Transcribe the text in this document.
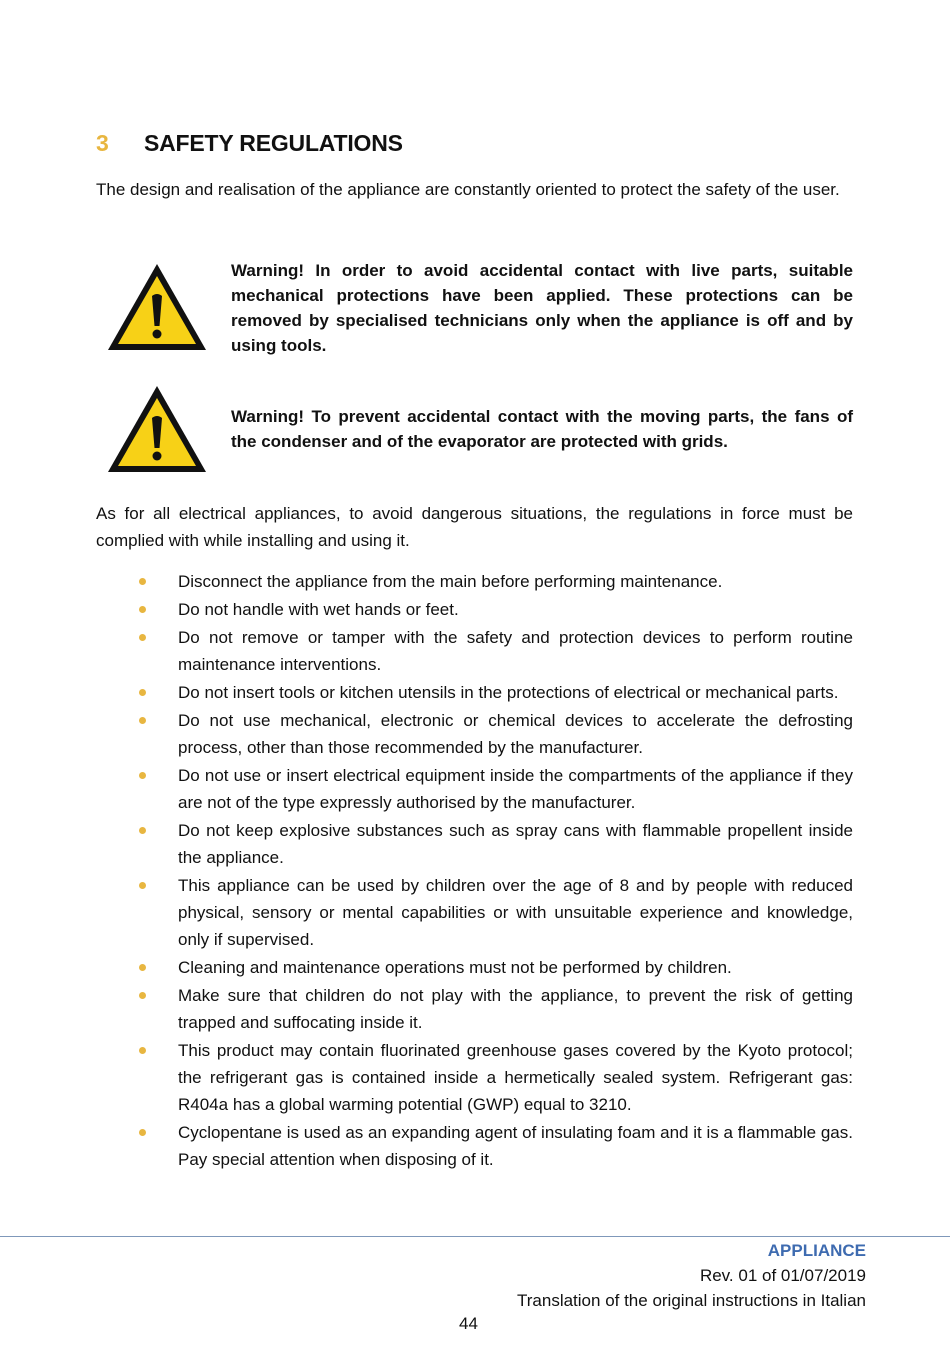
3 SAFETY REGULATIONS
The design and realisation of the appliance are constantly oriented to protect the safety of the user.
Warning! In order to avoid accidental contact with live parts, suitable mechanical protections have been applied. These protections can be removed by specialised technicians only when the appliance is off and by using tools.
Warning! To prevent accidental contact with the moving parts, the fans of the condenser and of the evaporator are protected with grids.
As for all electrical appliances, to avoid dangerous situations, the regulations in force must be complied with while installing and using it.
Disconnect the appliance from the main before performing maintenance.
Do not handle with wet hands or feet.
Do not remove or tamper with the safety and protection devices to perform routine maintenance interventions.
Do not insert tools or kitchen utensils in the protections of electrical or mechanical parts.
Do not use mechanical, electronic or chemical devices to accelerate the defrosting process, other than those recommended by the manufacturer.
Do not use or insert electrical equipment inside the compartments of the appliance if they are not of the type expressly authorised by the manufacturer.
Do not keep explosive substances such as spray cans with flammable propellent inside the appliance.
This appliance can be used by children over the age of 8 and by people with reduced physical, sensory or mental capabilities or with unsuitable experience and knowledge, only if supervised.
Cleaning and maintenance operations must not be performed by children.
Make sure that children do not play with the appliance, to prevent the risk of getting trapped and suffocating inside it.
This product may contain fluorinated greenhouse gases covered by the Kyoto protocol; the refrigerant gas is contained inside a hermetically sealed system. Refrigerant gas: R404a has a global warming potential (GWP) equal to 3210.
Cyclopentane is used as an expanding agent of insulating foam and it is a flammable gas. Pay special attention when disposing of it.
APPLIANCE
Rev. 01 of 01/07/2019
Translation of the original instructions in Italian
44
